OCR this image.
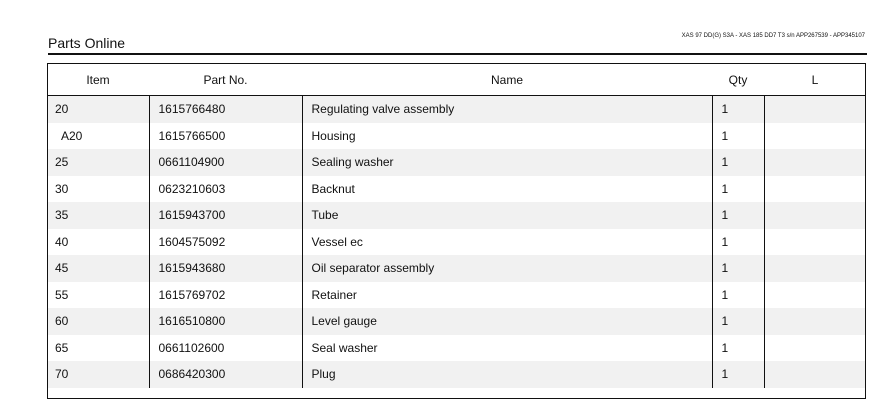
Parts Online	XAS 97 DD(G) S3A - XAS 185 DD7 T3 s/n APP267539 - APP345107
Item	Part No.	Name	Qty	L
20	1615766480	Regulating valve assembly	1	
A20	1615766500	Housing	1	
25	0661104900	Sealing washer	1	
30	0623210603	Backnut	1	
35	1615943700	Tube	1	
40	1604575092	Vessel ec	1	
45	1615943680	Oil separator assembly	1	
55	1615769702	Retainer	1	
60	1616510800	Level gauge	1	
65	0661102600	Seal washer	1	
70	0686420300	Plug	1	
